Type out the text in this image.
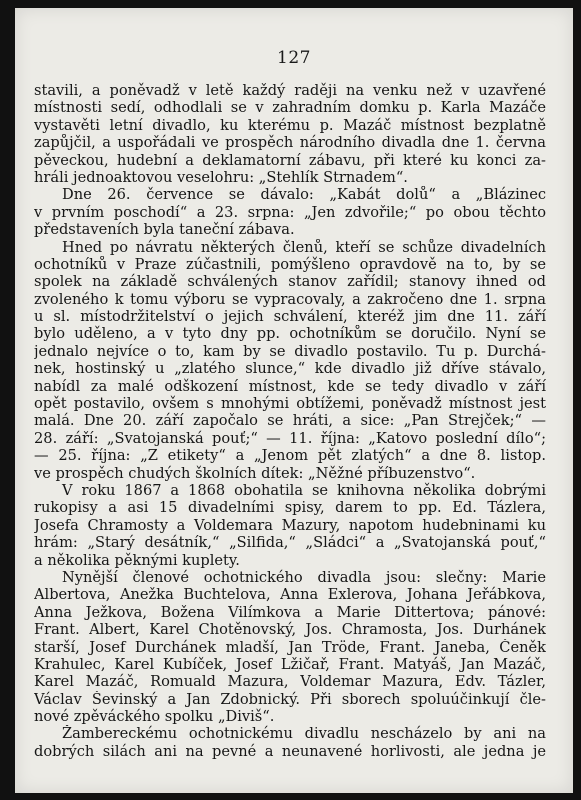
127
stavili, a poněvadž v letě každý raději na venku než v uzavřené
místnosti sedí, odhodlali se v zahradním domku p. Karla Mazáče
vystavěti letní divadlo, ku kterému p. Mazáč místnost bezplatně
zapůjčil, a uspořádali ve prospěch národního divadla dne 1. června
pěveckou, hudební a deklamatorní zábavu, při které ku konci za-
hráli jednoaktovou veselohru: „Stehlík Strnadem“.
Dne 26. července se dávalo: „Kabát dolů“ a „Blázinec
v prvním poschodí“ a 23. srpna: „Jen zdvořile;“ po obou těchto
představeních byla taneční zábava.
Hned po návratu některých členů, kteří se schůze divadelních
ochotníků v Praze zúčastnili, pomýšleno opravdově na to, by se
spolek na základě schválených stanov zařídil; stanovy ihned od
zvoleného k tomu výboru se vypracovaly, a zakročeno dne 1. srpna
u sl. místodržitelství o jejich schválení, kteréž jim dne 11. září
bylo uděleno, a v tyto dny pp. ochotníkům se doručilo. Nyní se
jednalo nejvíce o to, kam by se divadlo postavilo. Tu p. Durchá-
nek, hostinský u „zlatého slunce,“ kde divadlo již dříve stávalo,
nabídl za malé odškození místnost, kde se tedy divadlo v září
opět postavilo, ovšem s mnohými obtížemi, poněvadž místnost jest
malá. Dne 20. září započalo se hráti, a sice: „Pan Strejček;“ —
28. září: „Svatojanská pouť;“ — 11. října: „Katovo poslední dílo“;
— 25. října: „Z etikety“ a „Jenom pět zlatých“ a dne 8. listop.
ve prospěch chudých školních dítek: „Něžné příbuzenstvo“.
V roku 1867 a 1868 obohatila se knihovna několika dobrými
rukopisy a asi 15 divadelními spisy, darem to pp. Ed. Tázlera,
Josefa Chramosty a Voldemara Mazury, napotom hudebninami ku
hrám: „Starý desátník,“ „Silfida,“ „Sládci“ a „Svatojanská pouť,“
a několika pěknými kuplety.
Nynější členové ochotnického divadla jsou: slečny: Marie
Albertova, Anežka Buchtelova, Anna Exlerova, Johana Jeřábkova,
Anna Ježkova, Božena Vilímkova a Marie Dittertova; pánové:
Frant. Albert, Karel Chotěnovský, Jos. Chramosta, Jos. Durhánek
starší, Josef Durchánek mladší, Jan Tröde, Frant. Janeba, Čeněk
Krahulec, Karel Kubíček, Josef Lžičař, Frant. Matyáš, Jan Mazáč,
Karel Mazáč, Romuald Mazura, Voldemar Mazura, Edv. Tázler,
Václav Ševinský a Jan Zdobnický. Při sborech spoluúčinkují čle-
nové zpěváckého spolku „Diviš“.
Žambereckému ochotnickému divadlu nescházelo by ani na
dobrých silách ani na pevné a neunavené horlivosti, ale jedna je
